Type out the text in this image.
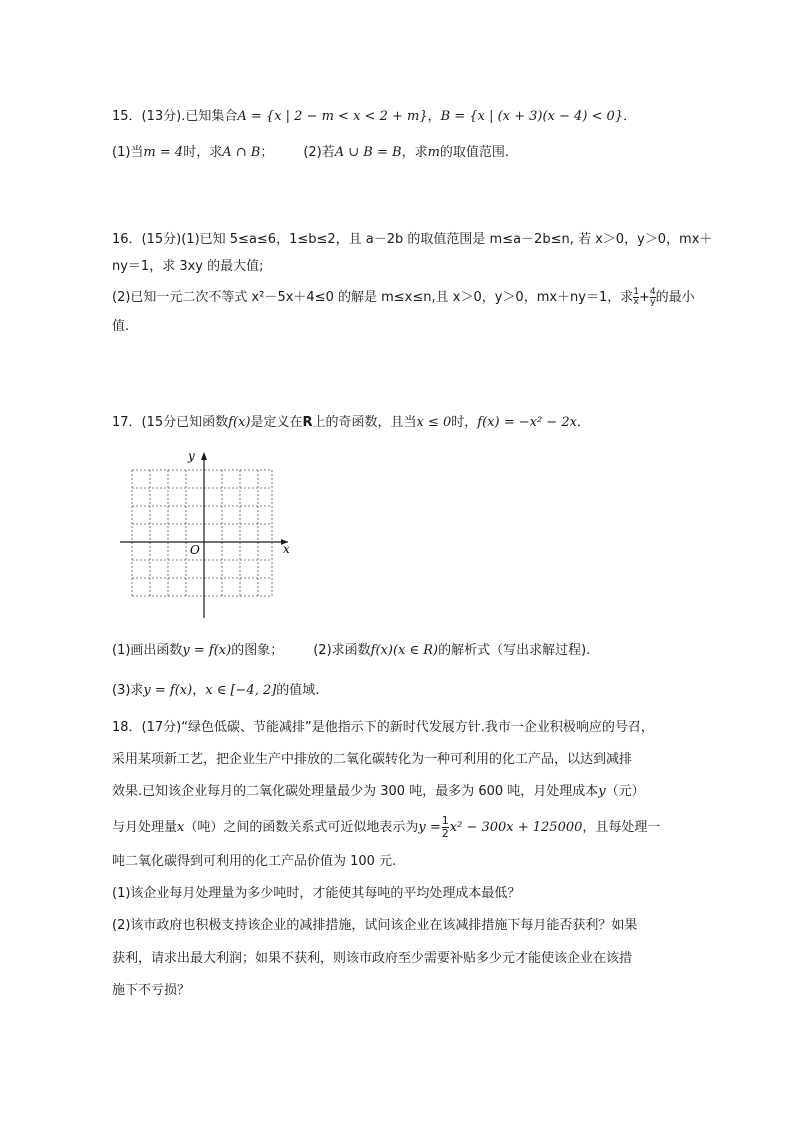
15．(13分).已知集合A = {x | 2 − m < x < 2 + m}，B = {x | (x + 3)(x − 4) < 0}．
(1)当m = 4时，求A ∩ B； (2)若A ∪ B = B，求m的取值范围.
16．(15分)(1)已知 5≤a≤6，1≤b≤2，且 a－2b 的取值范围是 m≤a－2b≤n, 若 x＞0，y＞0，mx＋
ny＝1，求 3xy 的最大值;
(2)已知一元二次不等式 x²－5x＋4≤0 的解是 m≤x≤n,且 x＞0，y＞0，mx＋ny＝1，求 $\frac{1}{x} + \frac{4}{y}$ 的最小
值.
17．(15分已知函数f(x)是定义在R上的奇函数，且当x ≤ 0时，f(x) = −x² − 2x．
y
x
O
(1)画出函数y = f(x)的图象； (2)求函数f(x)(x ∈ R)的解析式（写出求解过程).
(3)求y = f(x)，x ∈ [−4, 2]的值域.
18．(17分)“绿色低碳、节能减排”是他指示下的新时代发展方针.我市一企业积极响应的号召，
采用某项新工艺，把企业生产中排放的二氧化碳转化为一种可利用的化工产品，以达到减排
效果.已知该企业每月的二氧化碳处理量最少为 300 吨，最多为 600 吨，月处理成本y（元）
与月处理量x（吨）之间的函数关系式可近似地表示为$y = \frac{1}{2} x^2 - 300x + 125000$，且每处理一
吨二氧化碳得到可利用的化工产品价值为 100 元.
(1)该企业每月处理量为多少吨时，才能使其每吨的平均处理成本最低？
(2)该市政府也积极支持该企业的减排措施，试问该企业在该减排措施下每月能否获利？如果
获利，请求出最大利润；如果不获利，则该市政府至少需要补贴多少元才能使该企业在该措
施下不亏损？
